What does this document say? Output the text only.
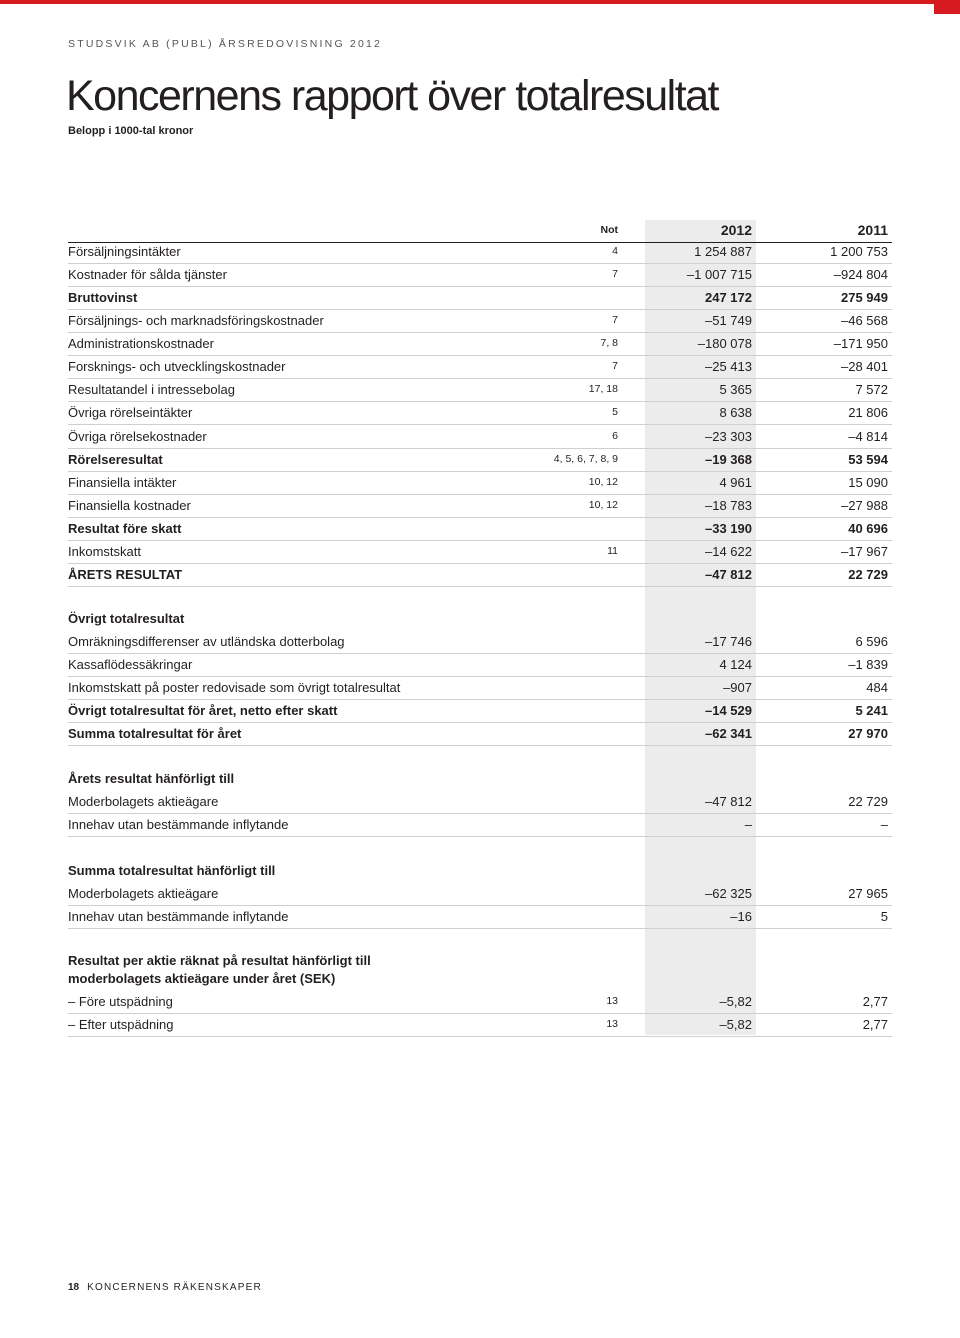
STUDSVIK AB (PUBL) ÅRSREDOVISNING 2012
Koncernens rapport över totalresultat
Belopp i 1000-tal kronor
Not	2012	2011
Försäljningsintäkter	4	1 254 887	1 200 753
Kostnader för sålda tjänster	7	–1 007 715	–924 804
Bruttovinst	247 172	275 949
Försäljnings- och marknadsföringskostnader	7	–51 749	–46 568
Administrationskostnader	7, 8	–180 078	–171 950
Forsknings- och utvecklingskostnader	7	–25 413	–28 401
Resultatandel i intressebolag	17, 18	5 365	7 572
Övriga rörelseintäkter	5	8 638	21 806
Övriga rörelsekostnader	6	–23 303	–4 814
Rörelseresultat	4, 5, 6, 7, 8, 9	–19 368	53 594
Finansiella intäkter	10, 12	4 961	15 090
Finansiella kostnader	10, 12	–18 783	–27 988
Resultat före skatt	–33 190	40 696
Inkomstskatt	11	–14 622	–17 967
ÅRETS RESULTAT	–47 812	22 729
Övrigt totalresultat
Omräkningsdifferenser av utländska dotterbolag	–17 746	6 596
Kassaflödessäkringar	4 124	–1 839
Inkomstskatt på poster redovisade som övrigt totalresultat	–907	484
Övrigt totalresultat för året, netto efter skatt	–14 529	5 241
Summa totalresultat för året	–62 341	27 970
Årets resultat hänförligt till
Moderbolagets aktieägare	–47 812	22 729
Innehav utan bestämmande inflytande	–	–
Summa totalresultat hänförligt till
Moderbolagets aktieägare	–62 325	27 965
Innehav utan bestämmande inflytande	–16	5
Resultat per aktie räknat på resultat hänförligt till
moderbolagets aktieägare under året (SEK)
– Före utspädning	13	–5,82	2,77
– Efter utspädning	13	–5,82	2,77
18 KONCERNENS RÄKENSKAPER
